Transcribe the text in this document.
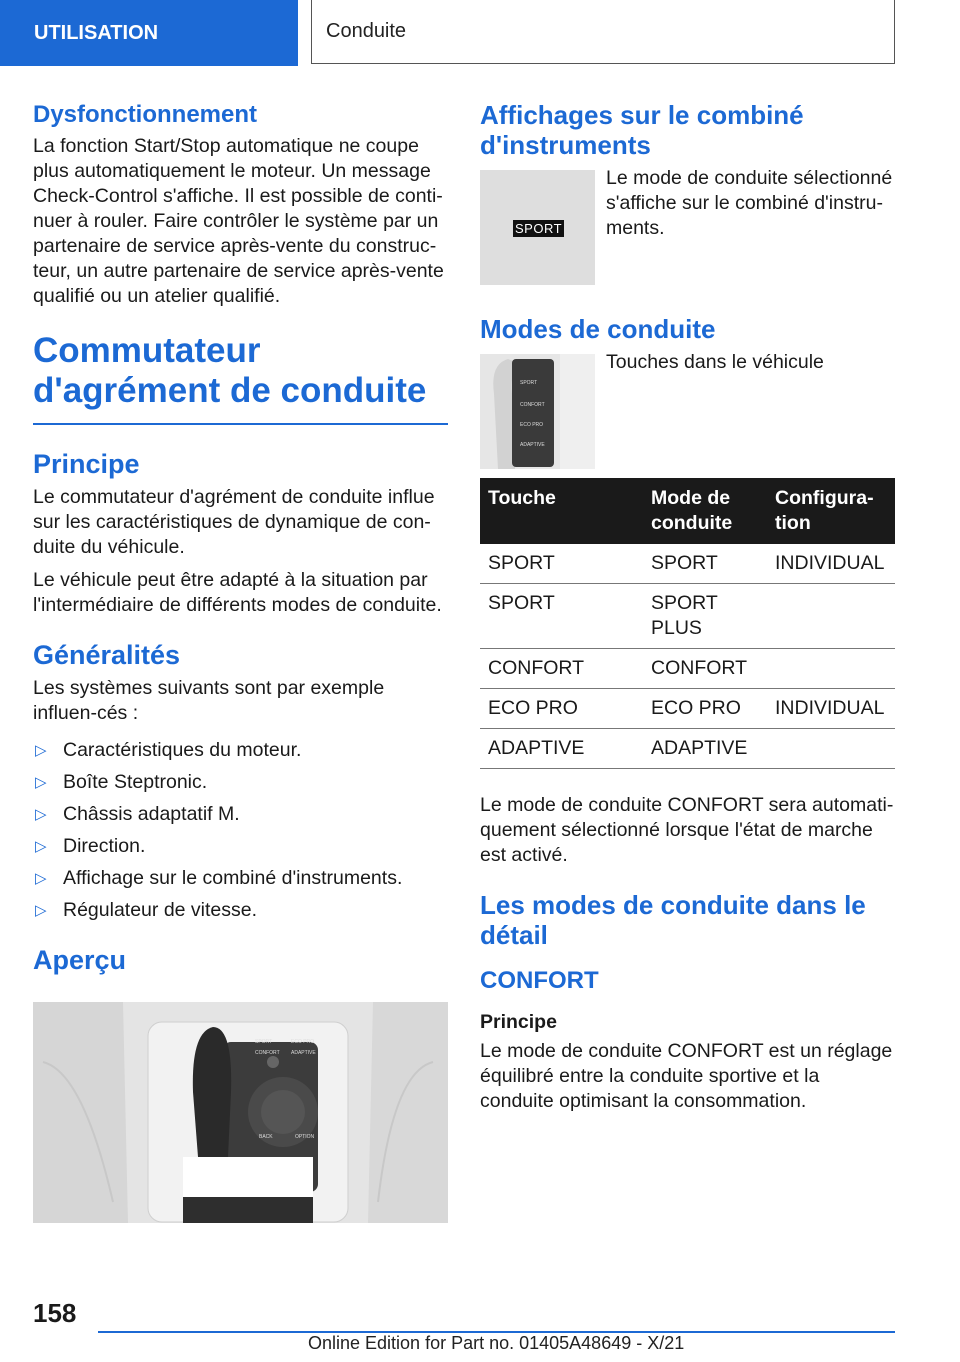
UTILISATION	Conduite
Dysfonctionnement

La fonction Start/Stop automatique ne coupe plus automatiquement le moteur. Un message Check-Control s'affiche. Il est possible de conti-nuer à rouler. Faire contrôler le système par un partenaire de service après-vente du construc-teur, un autre partenaire de service après-vente qualifié ou un atelier qualifié.

Commutateur d'agrément de conduite
Principe

Le commutateur d'agrément de conduite influe sur les caractéristiques de dynamique de con-duite du véhicule.

Le véhicule peut être adapté à la situation par l'intermédiaire de différents modes de conduite.

Généralités

Les systèmes suivants sont par exemple influen-cés :

▷ Caractéristiques du moteur.
▷ Boîte Steptronic.
▷ Châssis adaptatif M.
▷ Direction.
▷ Affichage sur le combiné d'instruments.
▷ Régulateur de vitesse.
Aperçu
SPORT
CONFORT
ECO PRO
ADAPTIVE
BACK	OPTION
Affichages sur le combiné d'instruments
SPORT

Le mode de conduite sélectionné s'affiche sur le combiné d'instru-ments.

Modes de conduite
SPORT
CONFORT
ECO PRO
ADAPTIVE

Touches dans le véhicule

Touche	Mode de conduite	Configura-tion
SPORT	SPORT	INDIVIDUAL
SPORT	SPORT PLUS	
CONFORT	CONFORT	
ECO PRO	ECO PRO	INDIVIDUAL
ADAPTIVE	ADAPTIVE	

Le mode de conduite CONFORT sera automati-quement sélectionné lorsque l'état de marche est activé.

Les modes de conduite dans le détail
CONFORT

Principe

Le mode de conduite CONFORT est un réglage équilibré entre la conduite sportive et la conduite optimisant la consommation.

158
Online Edition for Part no. 01405A48649 - X/21
